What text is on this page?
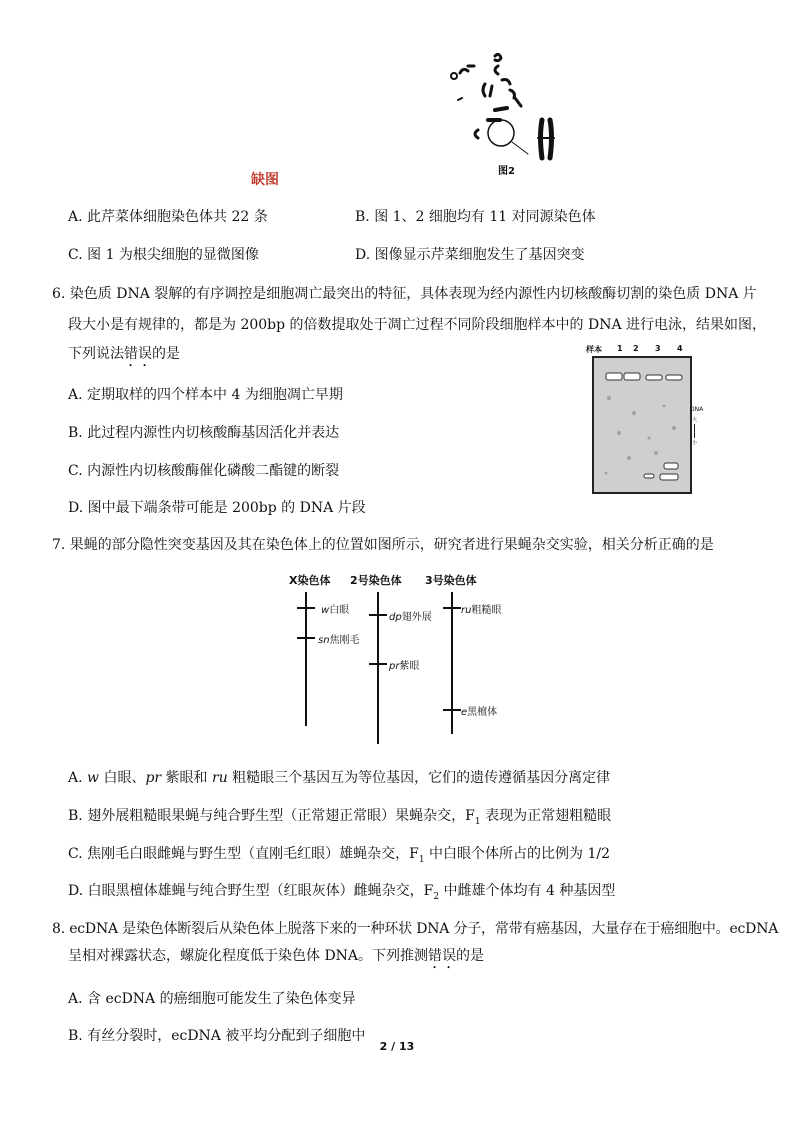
图2
缺图
A. 此芹菜体细胞染色体共 22 条	B. 图 1、2 细胞均有 11 对同源染色体
C. 图 1 为根尖细胞的显微图像	D. 图像显示芹菜细胞发生了基因突变
6. 染色质 DNA 裂解的有序调控是细胞凋亡最突出的特征，具体表现为经内源性内切核酸酶切割的染色质 DNA 片
段大小是有规律的，都是为 200bp 的倍数提取处于凋亡过程不同阶段细胞样本中的 DNA 进行电泳，结果如图，
下列说法错误的是
A. 定期取样的四个样本中 4 为细胞凋亡早期
B. 此过程内源性内切核酸酶基因活化并表达
C. 内源性内切核酸酶催化磷酸二酯键的断裂
D. 图中最下端条带可能是 200bp 的 DNA 片段
样本 1 2 3 4
DNA
大
小
7. 果蝇的部分隐性突变基因及其在染色体上的位置如图所示，研究者进行果蝇杂交实验，相关分析正确的是
X染色体 2号染色体 3号染色体
w白眼
sn焦刚毛
dp翅外展
pr紫眼
ru粗糙眼
e黑檀体
A. w 白眼、pr 紫眼和 ru 粗糙眼三个基因互为等位基因，它们的遗传遵循基因分离定律
B. 翅外展粗糙眼果蝇与纯合野生型（正常翅正常眼）果蝇杂交，$F_1$ 表现为正常翅粗糙眼
C. 焦刚毛白眼雌蝇与野生型（直刚毛红眼）雄蝇杂交，$F_1$ 中白眼个体所占的比例为 1/2
D. 白眼黑檀体雄蝇与纯合野生型（红眼灰体）雌蝇杂交，$F_2$ 中雌雄个体均有 4 种基因型
8. ecDNA 是染色体断裂后从染色体上脱落下来的一种环状 DNA 分子，常带有癌基因，大量存在于癌细胞中。ecDNA
呈相对裸露状态，螺旋化程度低于染色体 DNA。下列推测错误的是
A. 含 ecDNA 的癌细胞可能发生了染色体变异
B. 有丝分裂时，ecDNA 被平均分配到子细胞中
2 / 13
